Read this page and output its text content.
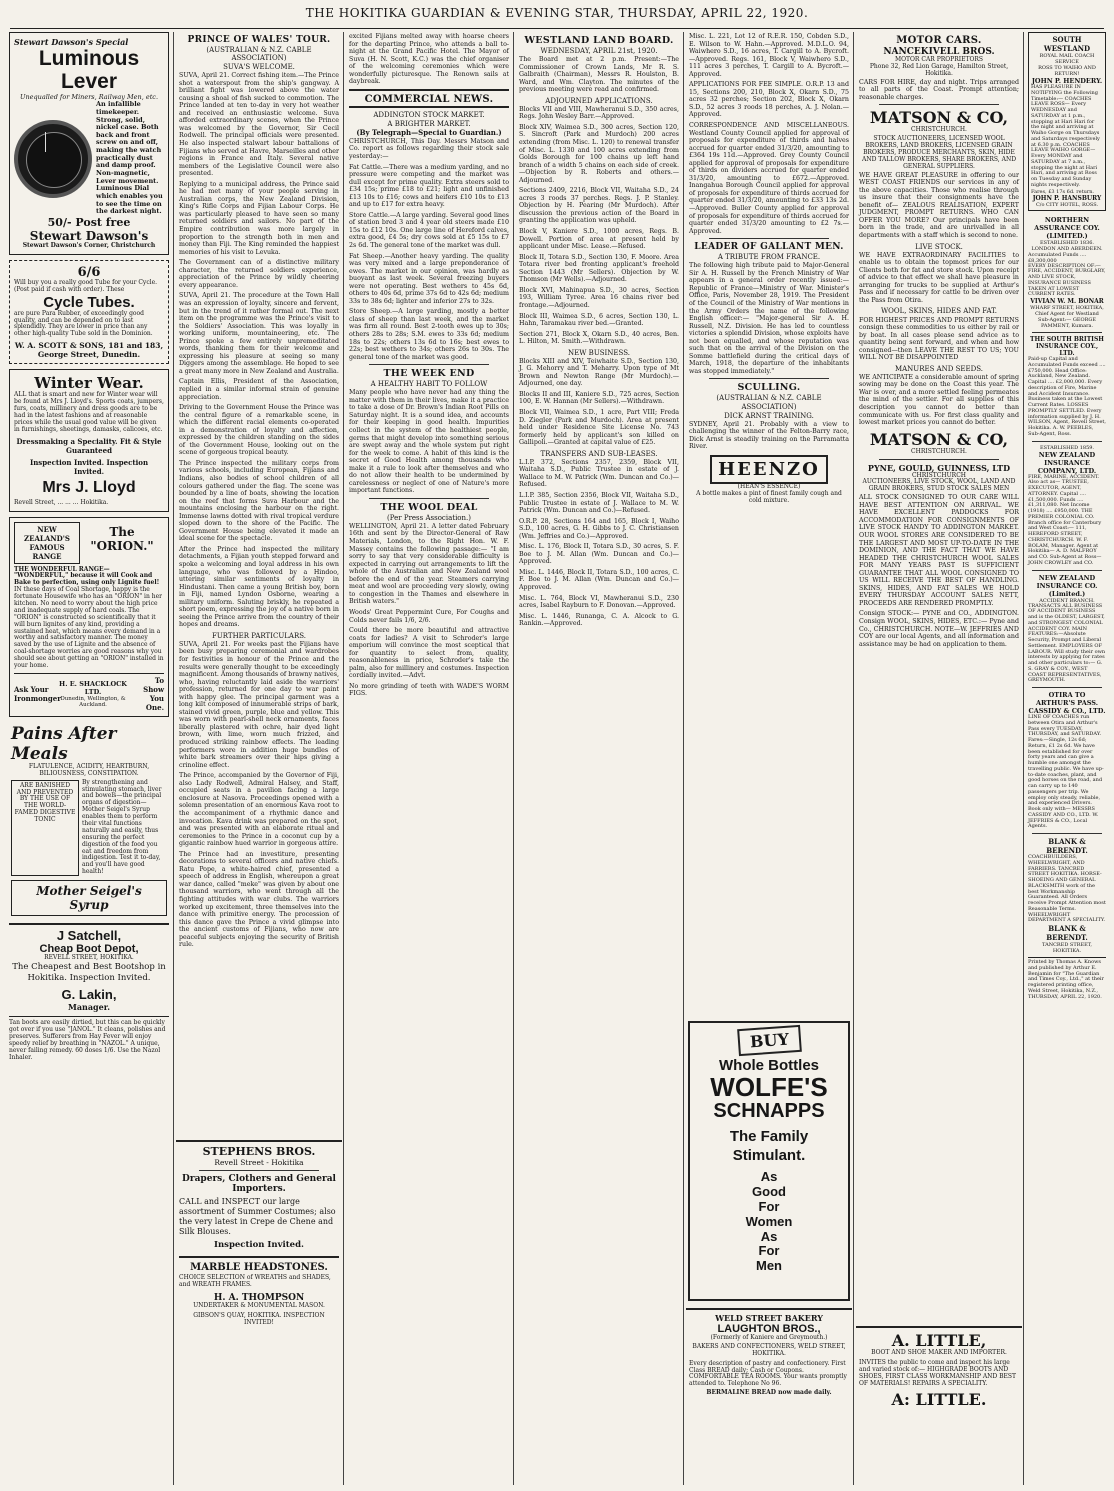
THE HOKITIKA GUARDIAN & EVENING STAR, THURSDAY, APRIL 22, 1920.
Stewart Dawson's Special
Luminous Lever
Unequalled for Miners, Railway Men, etc.
An infallible timekeeper. Strong, solid, nickel case. Both back and front screw on and off, making the watch practically dust and damp proof. Non-magnetic, Lever movement. Luminous Dial which enables you to see the time on the darkest night.
50/- Post free
Stewart Dawson's
Stewart Dawson's Corner, Christchurch
6/6
Will buy you a really good Tube for your Cycle. (Post paid if cash with order). These
Cycle Tubes.
are pure Para Rubber, of exceedingly good quality, and can be depended on to last splendidly. They are lower in price than any other high-quality Tube sold in the Dominion.
W. A. SCOTT & SONS, 181 and 183, George Street, Dunedin.
Winter Wear.
ALL that is smart and new for Winter wear will be found at Mrs J. Lloyd's. Sports coats, jumpers, furs, coats, millinery and dress goods are to be had in the latest fashions and at reasonable prices while the usual good value will be given in furnishings, sheetings, damasks, calicoes, etc.
Dressmaking a Speciality. Fit & Style Guaranteed
Inspection Invited. Inspection Invited.
Mrs J. Lloyd
Revell Street, ... ... ... Hokitika.
NEW ZEALAND'S FAMOUS RANGE
The "ORION."
THE WONDERFUL RANGE— "WONDERFUL," because it will Cook and Bake to perfection, using only Lignite fuel!
IN these days of Coal Shortage, happy is the fortunate Housewife who has an "ORION" in her kitchen. No need to worry about the high price and inadequate supply of hard coals. The "ORION" is constructed so scientifically that it will burn lignites of any kind, providing a sustained heat, which means every demand in a worthy and satisfactory manner. The money saved by the use of Lignite and the absence of coal-shortage worries are good reasons why you should see about getting an "ORION" installed in your home.
Ask Your Ironmonger
H. E. SHACKLOCK LTD.
Dunedin, Wellington, & Auckland.
To Show You One.
Pains After Meals
FLATULENCE, ACIDITY, HEARTBURN, BILIOUSNESS, CONSTIPATION.
ARE BANISHED AND PREVENTED BY THE USE OF THE WORLD-FAMED DIGESTIVE TONIC
By strengthening and stimulating stomach, liver and bowels—the principal organs of digestion—Mother Seigel's Syrup enables them to perform their vital functions naturally and easily, thus ensuring the perfect digestion of the food you eat and freedom from indigestion. Test it to-day, and you'll have good health!
Mother Seigel's Syrup
J Satchell,
Cheap Boot Depot,
REVELL STREET, HOKITIKA.
The Cheapest and Best Bootshop in Hokitika. Inspection Invited.
G. Lakin,
Manager.
Tan boots are easily dirtied, but this can be quickly got over if you use "JANOL." It cleans, polishes and preserves. Sufferers from Hay Fever will enjoy speedy relief by breathing in "NAZOL." A unique, never failing remedy. 60 doses 1/6. Use the Nazol Inhaler.
PRINCE OF WALES' TOUR.
(AUSTRALIAN & N.Z. CABLE ASSOCIATION)
SUVA'S WELCOME.

SUVA, April 21. Correct fishing item.—The Prince shot a waterspout from the ship's gangway. A brilliant fight was lowered above the water causing a shoal of fish sucked to commotion. The Prince landed at ten to-day in very hot weather and received an enthusiastic welcome. Suva afforded extraordinary scenes, when the Prince was welcomed by the Governor, Sir Cecil Rodwell. The principal officials were presented. He also inspected stalwart labour battalions of Fijians who served at Havre, Marseilles and other regions in France and Italy. Several native members of the Legislative Council were also presented.

Replying to a municipal address, the Prince said he had met many of your people serving in Australian corps, the New Zealand Division, King's Rifle Corps and Fijian Labour Corps. He was particularly pleased to have seen so many returned soldiers and sailors. No part of the Empire contribution was more largely in proportion to the strength both in men and money than Fiji. The King reminded the happiest memories of his visit to Levuka.

The Government can of a distinctive military character, the returned soldiers experience, appreciation of the Prince by wildly cheering every appearance.

SUVA, April 21. The procedure at the Town Hall was an expression of loyalty, sincere and fervent, but in the trend of it rather formal out. The next item on the programme was the Prince's visit to the Soldiers' Association. This was loyally in working uniform, mountaineering, etc. The Prince spoke a few entirely unpremeditated words, thanking them for their welcome and expressing his pleasure at seeing so many Diggers among the assemblage. He hoped to see a great many more in New Zealand and Australia.

Captain Ellis, President of the Association, replied in a similar informal strain of genuine appreciation.

Driving to the Government House the Prince was the central figure of a remarkable scene, in which the different racial elements co-operated in a demonstration of loyalty and affection, expressed by the children standing on the sides of the Government House, looking out on the scene of gorgeous tropical beauty.

The Prince inspected the military corps from various schools, including European, Fijians and Indians, also bodies of school children of all colours gathered under the flag. The scene was bounded by a line of boats, showing the location on the reef that forms Suva Harbour and the mountains enclosing the harbour on the right. Immense lawns dotted with rival tropical verdure sloped down to the shore of the Pacific. The Government House being elevated it made an ideal scene for the spectacle.

After the Prince had inspected the military detachments, a Fijian youth stepped forward and spoke a welcoming and loyal address in his own language, who was followed by a Hindoo, uttering similar sentiments of loyalty in Hindustani. Then came a young British boy, born in Fiji, named Lyndon Osborne, wearing a military uniform. Saluting briskly, he repeated a short poem, expressing the joy of a native born in seeing the Prince arrive from the country of their hopes and dreams.

FURTHER PARTICULARS.

SUVA, April 21. For weeks past the Fijians have been busy preparing ceremonial and wardrobes for festivities in honour of the Prince and the results were generally thought to be exceedingly magnificent. Among thousands of brawny natives, who, having reluctantly laid aside the warriors' profession, returned for one day to war paint with happy glee. The principal garment was a long kilt composed of innumerable strips of bark, stained vivid green, purple, blue and yellow. This was worn with pearl-shell neck ornaments, faces liberally plastered with ochre, hair dyed light brown, with lime, worn much frizzed, and produced striking rainbow effects. The leading performers wore in addition huge bundles of white bark streamers over their hips giving a crinoline effect.

The Prince, accompanied by the Governor of Fiji, also Lady Rodwell, Admiral Halsey, and Staff, occupied seats in a pavilion facing a large enclosure at Nasova. Proceedings opened with a solemn presentation of an enormous Kava root to the accompaniment of a rhythmic dance and invocation. Kava drink was prepared on the spot, and was presented with an elaborate ritual and ceremonies to the Prince in a coconut cup by a gigantic rainbow hued warrior in gorgeous attire.

The Prince had an investiture, presenting decorations to several officers and native chiefs. Ratu Pope, a white-haired chief, presented a speech of address in English, whereupon a great war dance, called "meke" was given by about one thousand warriors, who went through all the fighting attitudes with war clubs. The warriors worked up excitement, three themselves into the dance with primitive energy. The procession of this dance gave the Prince a vivid glimpse into the ancient customs of Fijians, who now are peaceful subjects enjoying the security of British rule.

STEPHENS BROS.
Revell Street - Hokitika
Drapers, Clothers and General Importers.
CALL and INSPECT our large assortment of Summer Costumes; also the very latest in Crepe de Chene and Silk Blouses.
Inspection Invited.
MARBLE HEADSTONES.
CHOICE SELECTION of WREATHS and SHADES, and WREATH FRAMES.
H. A. THOMPSON
UNDERTAKER & MONUMENTAL MASON.
GIBSON'S QUAY, HOKITIKA. INSPECTION INVITED!

excited Fijians melted away with hoarse cheers for the departing Prince, who attends a ball to-night at the Grand Pacific Hotel. The Mayor of Suva (H. N. Scott, K.C.) was the chief organiser of the welcoming ceremonies which were wonderfully picturesque. The Renown sails at daybreak.

COMMERCIAL NEWS.
ADDINGTON STOCK MARKET.
A BRIGHTER MARKET.
(By Telegraph—Special to Guardian.)

CHRISTCHURCH, This Day. Messrs Matson and Co. report as follows regarding their stock sale yesterday:—

Fat Cattle.—There was a medium yarding, and no pressure were competing and the market was dull except for prime quality. Extra steers sold to £34 15s; prime £18 to £21; light and unfinished £13 10s to £16; cows and heifers £10 10s to £13 and up to £17 for extra heavy.

Store Cattle.—A large yarding. Several good lines of station bred 3 and 4 year old steers made £10 15s to £12 10s. One large line of Hereford calves, extra good, £4 5s; dry cows sold at £5 15s to £7 2s 6d. The general tone of the market was dull.

Fat Sheep.—Another heavy yarding. The quality was very mixed and a large preponderance of ewes. The market in our opinion, was hardly as buoyant as last week. Several freezing buyers were not operating. Best wethers to 45s 6d, others to 40s 6d, prime 37s 6d to 42s 6d; medium 33s to 38s 6d; lighter and inferior 27s to 32s.

Store Sheep.—A large yarding, mostly a better class of sheep than last week, and the market was firm all round. Best 2-tooth ewes up to 30s; others 28s to 28s; S.M. ewes to 33s 6d; medium 18s to 22s; others 13s 6d to 16s; best ewes to 22s; best wethers to 34s; others 26s to 30s. The general tone of the market was good.

THE WEEK END
A HEALTHY HABIT TO FOLLOW

Many people who have never had any thing the matter with them in their lives, make it a practice to take a dose of Dr. Brown's Indian Root Pills on Saturday night. It is a sound idea, and accounts for their keeping in good health. Impurities collect in the system of the healthiest people, germs that might develop into something serious are swept away and the whole system put right for the week to come. A habit of this kind is the secret of Good Health among thousands who make it a rule to look after themselves and who do not allow their health to be undermined by carelessness or neglect of one of Nature's more important functions.

THE WOOL DEAL
(Per Press Association.)

WELLINGTON, April 21. A letter dated February 16th and sent by the Director-General of Raw Materials, London, to the Right Hon. W. F. Massey contains the following passage:— "I am sorry to say that very considerable difficulty is expected in carrying out arrangements to lift the whole of the Australian and New Zealand wool before the end of the year. Steamers carrying meat and wool are proceeding very slowly, owing to congestion in the Thames and elsewhere in British waters."

Woods' Great Peppermint Cure, For Coughs and Colds never fails 1/6, 2/6.

Could there be more beautiful and attractive coats for ladies? A visit to Schroder's large emporium will convince the most sceptical that for quantity to select from, quality, reasonableness in price, Schroder's take the palm, also for millinery and costumes. Inspection cordially invited.—Advt.

No more grinding of teeth with WADE'S WORM FIGS.

WESTLAND LAND BOARD.
WEDNESDAY, APRIL 21st, 1920.

The Board met at 2 p.m. Present:—The Commissioner of Crown Lands, Mr R. S. Galbraith (Chairman), Messrs R. Houlston, B. Ward, and Wm. Clayton. The minutes of the previous meeting were read and confirmed.

ADJOURNED APPLICATIONS.

Blocks VII and VIII, Mawheranui S.D., 350 acres, Regs. John Wesley Barr.—Approved.

Block XIV, Waimea S.D., 300 acres, Section 120, S. Sincroft (Park and Murdoch) 200 acres extending (from Misc. L. 120) to renewal transfer of Misc. L. 1330 and 100 acres extending from Golds Borough for 100 chains up left hand branch of a width 5 chains on each side of creek.—Objection by R. Roberts and others.—Adjourned.

Sections 2409, 2216, Block VII, Waitaha S.D., 24 acres 3 roods 37 perches. Regs. J. P. Stanley. Objection by H. Pearing (Mr Murdoch). After discussion the previous action of the Board in granting the application was upheld.

Block V, Kaniere S.D., 1000 acres, Regs. B. Dowell. Portion of area at present held by applicant under Misc. Lease.—Refused.

Block II, Totara S.D., Section 130, F. Moore. Area Totara river bed fronting applicant's freehold Section 1443 (Mr Sellers). Objection by W. Thomson (Mr Wells).—Adjourned.

Block XVI, Mahinapua S.D., 30 acres, Section 193, William Tyree. Area 16 chains river bed frontage.—Adjourned.

Block III, Waimea S.D., 6 acres, Section 130, L. Hahn, Taramakau river bed.—Granted.

Section 271, Block X, Okarn S.D., 40 acres, Ben. L. Hilton, M. Smith.—Withdrawn.

NEW BUSINESS.

Blocks XIII and XIV, Teiwhaite S.D., Section 130, J. G. Mehorry and T. Meharry. Upon type of Mt Brown and Newton Range (Mr Murdoch).—Adjourned, one day.

Blocks II and III, Kaniere S.D., 725 acres, Section 100, E. W. Hannan (Mr Sellers).—Withdrawn.

Block VII, Waimea S.D., 1 acre, Part VIII; Freda D. Ziegler (Park and Murdoch). Area at present held under Residence Site License No. 743 formerly held by applicant's son killed on Gallipoli.—Granted at capital value of £25.

TRANSFERS AND SUB-LEASES.

L.I.P. 372, Sections 2357, 2359, Block VII, Waitaha S.D., Public Trustee in estate of J. Wallace to M. W. Patrick (Wm. Duncan and Co.)—Refused.

L.I.P. 385, Section 2356, Block VII, Waitaha S.D., Public Trustee in estate of J. Wallace to M. W. Patrick (Wm. Duncan and Co.)—Refused.

O.R.P. 28, Sections 164 and 165, Block I, Waiho S.D., 100 acres, G. H. Gibbs to J. C. Christiansen (Wm. Jeffries and Co.)—Approved.

Misc. L. 176, Block II, Totara S.D., 30 acres, S. F. Boe to J. M. Allan (Wm. Duncan and Co.)—Approved.

Misc. L. 1446, Block II, Totara S.D., 100 acres, C. F. Boe to J. M. Allan (Wm. Duncan and Co.)—Approved.

Misc. L. 764, Block VI, Mawheranui S.D., 230 acres, Isabel Rayburn to F. Donovan.—Approved.

Misc. L. 1446, Runanga, C. A. Alcock to G. Rankin.—Approved.

Misc. L. 221, Lot 12 of R.E.R. 150, Cobden S.D., E. Wilson to W. Hahn.—Approved. M.D.L.O. 94, Waiwhero S.D., 16 acres, T. Cargill to A. Bycroft.—Approved. Regs. 161, Block V, Waiwhero S.D., 111 acres 3 perches, T. Cargill to A. Bycroft.—Approved.

APPLICATIONS FOR FEE SIMPLE. O.R.P. 13 and 15, Sections 200, 210, Block X, Okarn S.D., 75 acres 32 perches; Section 202, Block X, Okarn S.D., 52 acres 3 roods 18 perches, A. J. Nolan.—Approved.

CORRESPONDENCE AND MISCELLANEOUS. Westland County Council applied for approval of proposals for expenditure of thirds and halves accrued for quarter ended 31/3/20, amounting to £364 19s 11d.—Approved. Grey County Council applied for approval of proposals for expenditure of thirds on dividers accrued for quarter ended 31/3/20, amounting to £672.—Approved. Inangahua Borough Council applied for approval of proposals for expenditure of thirds accrued for quarter ended 31/3/20, amounting to £33 13s 2d.—Approved. Buller County applied for approval of proposals for expenditure of thirds accrued for quarter ended 31/3/20 amounting to £2 7s.—Approved.

LEADER OF GALLANT MEN.
A TRIBUTE FROM FRANCE.

The following high tribute paid to Major-General Sir A. H. Russell by the French Ministry of War appears in a general order recently issued:— Republic of France—Ministry of War. Minister's Office, Paris, November 28, 1919. The President of the Council of the Ministry of War mentions in the Army Orders the name of the following English officer:— "Major-general Sir A. H. Russell, N.Z. Division. He has led to countless victories a splendid Division, whose exploits have not been equalled, and whose reputation was such that on the arrival of the Division on the Somme battlefield during the critical days of March, 1918, the departure of the inhabitants was stopped immediately."

SCULLING.
(AUSTRALIAN & N.Z. CABLE ASSOCIATION)
DICK ARNST TRAINING.

SYDNEY, April 21. Probably with a view to challenging the winner of the Felton-Barry race, Dick Arnst is steadily training on the Parramatta River.

HEENZO
(HEAN'S ESSENCE)
A bottle makes a pint of finest family cough and cold mixture.
BUY
Whole Bottles
WOLFE'S
SCHNAPPS
The Family
Stimulant.
As
Good
For
Women
As
For
Men
WELD STREET BAKERY
LAUGHTON BROS.,
(Formerly of Kaniere and Greymouth.)
BAKERS AND CONFECTIONERS, WELD STREET, HOKITIKA.
Every description of pastry and confectionery. First Class BREAD daily; Cash or Coupons. COMFORTABLE TEA ROOMS. Your wants promptly attended to. Telephone No 96.
BERMALINE BREAD now made daily.
MOTOR CARS.
NANCEKIVELL BROS.
MOTOR CAR PROPRIETORS
Phone 32, Red Lion Garage, Hamilton Street, Hokitika.

CARS FOR HIRE, day and night. Trips arranged to all parts of the Coast. Prompt attention; reasonable charges.

MATSON & CO,
CHRISTCHURCH.
STOCK AUCTIONEERS, LICENSED WOOL BROKERS, LAND BROKERS, LICENSED GRAIN BROKERS, PRODUCE MERCHANTS, SKIN, HIDE AND TALLOW BROKERS, SHARE BROKERS, AND GENERAL SUPPLIERS.

WE HAVE GREAT PLEASURE in offering to our WEST COAST FRIENDS our services in any of the above capacities. Those who realise through us insure that their consignments have the benefit of— ZEALOUS REALISATION, EXPERT JUDGMENT, PROMPT RETURNS. WHO CAN OFFER YOU MORE? Our principals have been born in the trade, and are unrivalled in all departments with a staff which is second to none.

LIVE STOCK.

WE HAVE EXTRAORDINARY FACILITIES to enable us to obtain the topmost prices for our Clients both for fat and store stock. Upon receipt of advice to that effect we shall have pleasure in arranging for trucks to be supplied at Arthur's Pass and if necessary for cattle to be driven over the Pass from Otira.

WOOL, SKINS, HIDES AND FAT.

FOR HIGHEST PRICES AND PROMPT RETURNS consign these commodities to us either by rail or by boat. In all cases please send advice as to quantity being sent forward, and when and how consigned—then LEAVE THE REST TO US; YOU WILL NOT BE DISAPPOINTED

MANURES AND SEEDS.

WE ANTICIPATE a considerable amount of spring sowing may be done on the Coast this year. The War is over, and a more settled feeling permeates the mind of the settler. For all supplies of this description you cannot do better than communicate with us. For first class quality and lowest market prices you cannot do better.

MATSON & CO,
CHRISTCHURCH.
PYNE, GOULD, GUINNESS, LTD
CHRISTCHURCH
AUCTIONEERS, LIVE STOCK, WOOL, LAND AND GRAIN BROKERS, STUD STOCK SALES MEN

ALL STOCK CONSIGNED TO OUR CARE WILL HAVE BEST ATTENTION ON ARRIVAL. WE HAVE EXCELLENT PADDOCKS FOR ACCOMMODATION FOR CONSIGNMENTS OF LIVE STOCK HANDY TO ADDINGTON MARKET. OUR WOOL STORES ARE CONSIDERED TO BE THE LARGEST AND MOST UP-TO-DATE IN THE DOMINION, AND THE FACT THAT WE HAVE HEADED THE CHRISTCHURCH WOOL SALES FOR MANY YEARS PAST IS SUFFICIENT GUARANTEE THAT ALL WOOL CONSIGNED TO US WILL RECEIVE THE BEST OF HANDLING. SKINS, HIDES, AND FAT SALES WE HOLD EVERY THURSDAY ACCOUNT SALES NETT, PROCEEDS ARE RENDERED PROMPTLY.

Consign STOCK:— PYNE and CO., ADDINGTON. Consign WOOL, SKINS, HIDES, ETC.:— Pyne and Co., CHRISTCHURCH. NOTE—W. JEFFRIES AND COY are our local Agents, and all information and assistance may be had on application to them.

A. LITTLE,
BOOT AND SHOE MAKER AND IMPORTER.
INVITES the public to come and inspect his large and varied stock of:— HIGHGRADE BOOTS AND SHOES, FIRST CLASS WORKMANSHIP AND BEST OF MATERIALS! REPAIRS A SPECIALITY.
A: LITTLE.
SOUTH WESTLAND
ROYAL MAIL COACH SERVICE
ROSS TO WAIHO AND RETURN!
JOHN P. HENDERY.
HAS PLEASURE IN NOTIFYING the Following Timetable:— COACHES LEAVE ROSS— Every WEDNESDAY and SATURDAY at 1 p.m., stopping at Hari Hari for the night and arriving at Waiho Gorge on Thursdays and Saturdays respectively at 6.30 p.m. COACHES LEAVE WAIHO GORGE— Every MONDAY and SATURDAY at 7 a.m., stopping the night at Hari Hari, and arriving at Ross on Tuesday and Sunday nights respectively.
Fares, £3 17s 6d. return.
JOHN P. HANSBURY
C/o CITY HOTEL, ROSS.
NORTHERN ASSURANCE COY. (LIMITED.)
ESTABLISHED 1836. LONDON AND ABERDEEN.
Accumulated Funds .... £8,300,000
EVERY DESCRIPTION OF:— FIRE, ACCIDENT, BURGLARY, AND LIVE STOCK, INSURANCE BUSINESS TAKEN AT LOWEST CURRENT RATES.
VIVIAN W. M. BONAR
WHARF STREET, HOKITIKA, Chief Agent for Westland
Sub-Agent:— GEORGE PAMMENT, Kumara.
THE SOUTH BRITISH INSURANCE COY., LTD.
Paid-up Capital and Accumulated Funds exceed .... £750,000. Head Office: Auckland, New Zealand. Capital .... £2,000,000. Every description of Fire, Marine and Accident Insurance. Business taken at the Lowest Current Rates. LOSSES PROMPTLY SETTLED. Every information supplied by J. H. WILSON, Agent, Revell Street, Hokitika. A. W. PEEBLES, Sub-Agent, Ross.
ESTABLISHED 1859.
NEW ZEALAND INSURANCE COMPANY, LTD.
FIRE, MARINE, ACCIDENT. Also act as— TRUSTEE, EXECUTOR, AGENT, ATTORNEY. Capital .... £1,500,000. Funds .... £1,311,080. Net Income (1918) .... £950,000. THE PREMIER COLONIAL CO. Branch office for Canterbury and West Coast:— 111, HEREFORD STREET, CHRISTCHURCH. W. F. BOLAM, Manager. Agent at Hokitika— A. D. MALFROY and CO. Sub-Agent at Ross— JOHN CROWLEY and CO.
NEW ZEALAND INSURANCE CO. (Limited.)
ACCIDENT BRANCH.
TRANSACTS ALL BUSINESS OF ACCIDENT BUSINESS and is the OLDEST, LARGEST, and STRONGEST COLONIAL ACCIDENT COY. MAIN FEATURES:—Absolute Security, Prompt and Liberal Settlement. EMPLOYERS OF LABOUR. Will study their own interests by applying for rates and other particulars to:— G. S. GRAY & COY., WEST COAST REPRESENTATIVES, GREYMOUTH.
OTIRA TO ARTHUR'S PASS.
CASSIDY & CO., LTD.
LINE OF COACHES run between Otira and Arthur's Pass every TUESDAY, THURSDAY, and SATURDAY. Fares:—Single, 12s 6d; Return, £1 2s 6d. We have been established for over forty years and can give a humble one amongst the travelling public. We have up-to-date coaches, plant, and good horses on the road, and can carry up to 140 passengers per trip. We employ only steady, reliable, and experienced Drivers.
Book only with— MESSRS CASSIDY AND CO., LTD. W. JEFFRIES & CO., Local Agents.
BLANK & BERENDT.
COACHBUILDERS, WHEELWRIGHT, AND FARRIERS. TANCRED STREET HOKITIKA. HORSE-SHOEING AND GENERAL BLACKSMITH work of the best Workmanship Guaranteed. All Orders receive Prompt Attention most Reasonable Terms. WHEELWRIGHT DEPARTMENT A SPECIALITY.
BLANK & BERENDT.
TANCRED STREET, HOKITIKA.
Printed by Thomas A. Knows and published by Arthur E. Benjamin for "The Guardian and Times Coy., Ltd.," at their registered printing office, Weld Street, Hokitika, N.Z., THURSDAY, APRIL 22, 1920.
